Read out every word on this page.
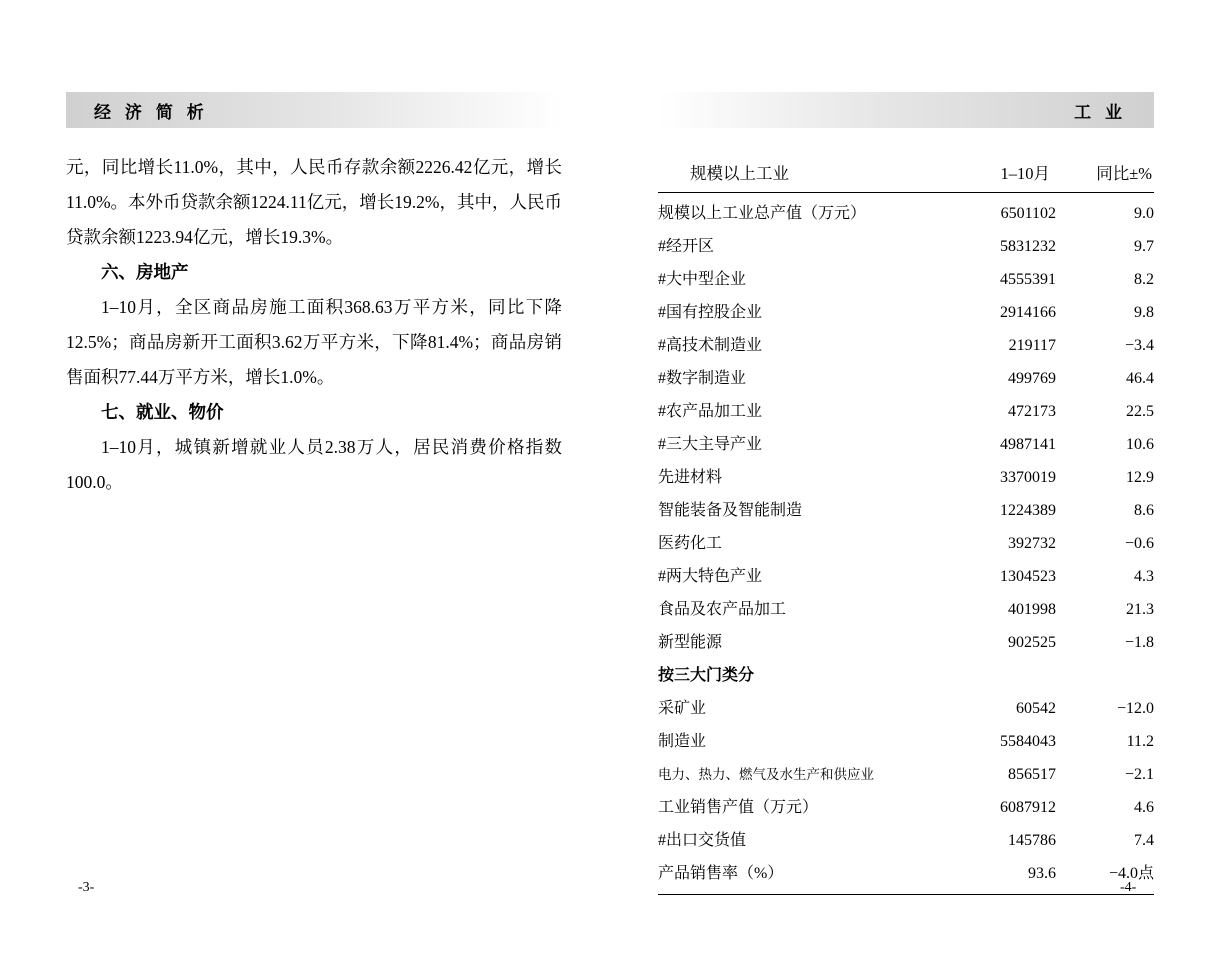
经 济 简 析

元，同比增长11.0%，其中，人民币存款余额2226.42亿元，增长11.0%。本外币贷款余额1224.11亿元，增长19.2%，其中，人民币贷款余额1223.94亿元，增长19.3%。

六、房地产

1–10月，全区商品房施工面积368.63万平方米，同比下降12.5%；商品房新开工面积3.62万平方米，下降81.4%；商品房销售面积77.44万平方米，增长1.0%。

七、就业、物价

1–10月，城镇新增就业人员2.38万人，居民消费价格指数100.0。

-3-
工 业
规模以上工业	1–10月	同比±%
规模以上工业总产值（万元）	6501102	9.0
#经开区	5831232	9.7
#大中型企业	4555391	8.2
#国有控股企业	2914166	9.8
#高技术制造业	219117	−3.4
#数字制造业	499769	46.4
#农产品加工业	472173	22.5
#三大主导产业	4987141	10.6
先进材料	3370019	12.9
智能装备及智能制造	1224389	8.6
医药化工	392732	−0.6
#两大特色产业	1304523	4.3
食品及农产品加工	401998	21.3
新型能源	902525	−1.8
按三大门类分		
采矿业	60542	−12.0
制造业	5584043	11.2
电力、热力、燃气及水生产和供应业	856517	−2.1
工业销售产值（万元）	6087912	4.6
#出口交货值	145786	7.4
产品销售率（%）	93.6	−4.0点
-4-
